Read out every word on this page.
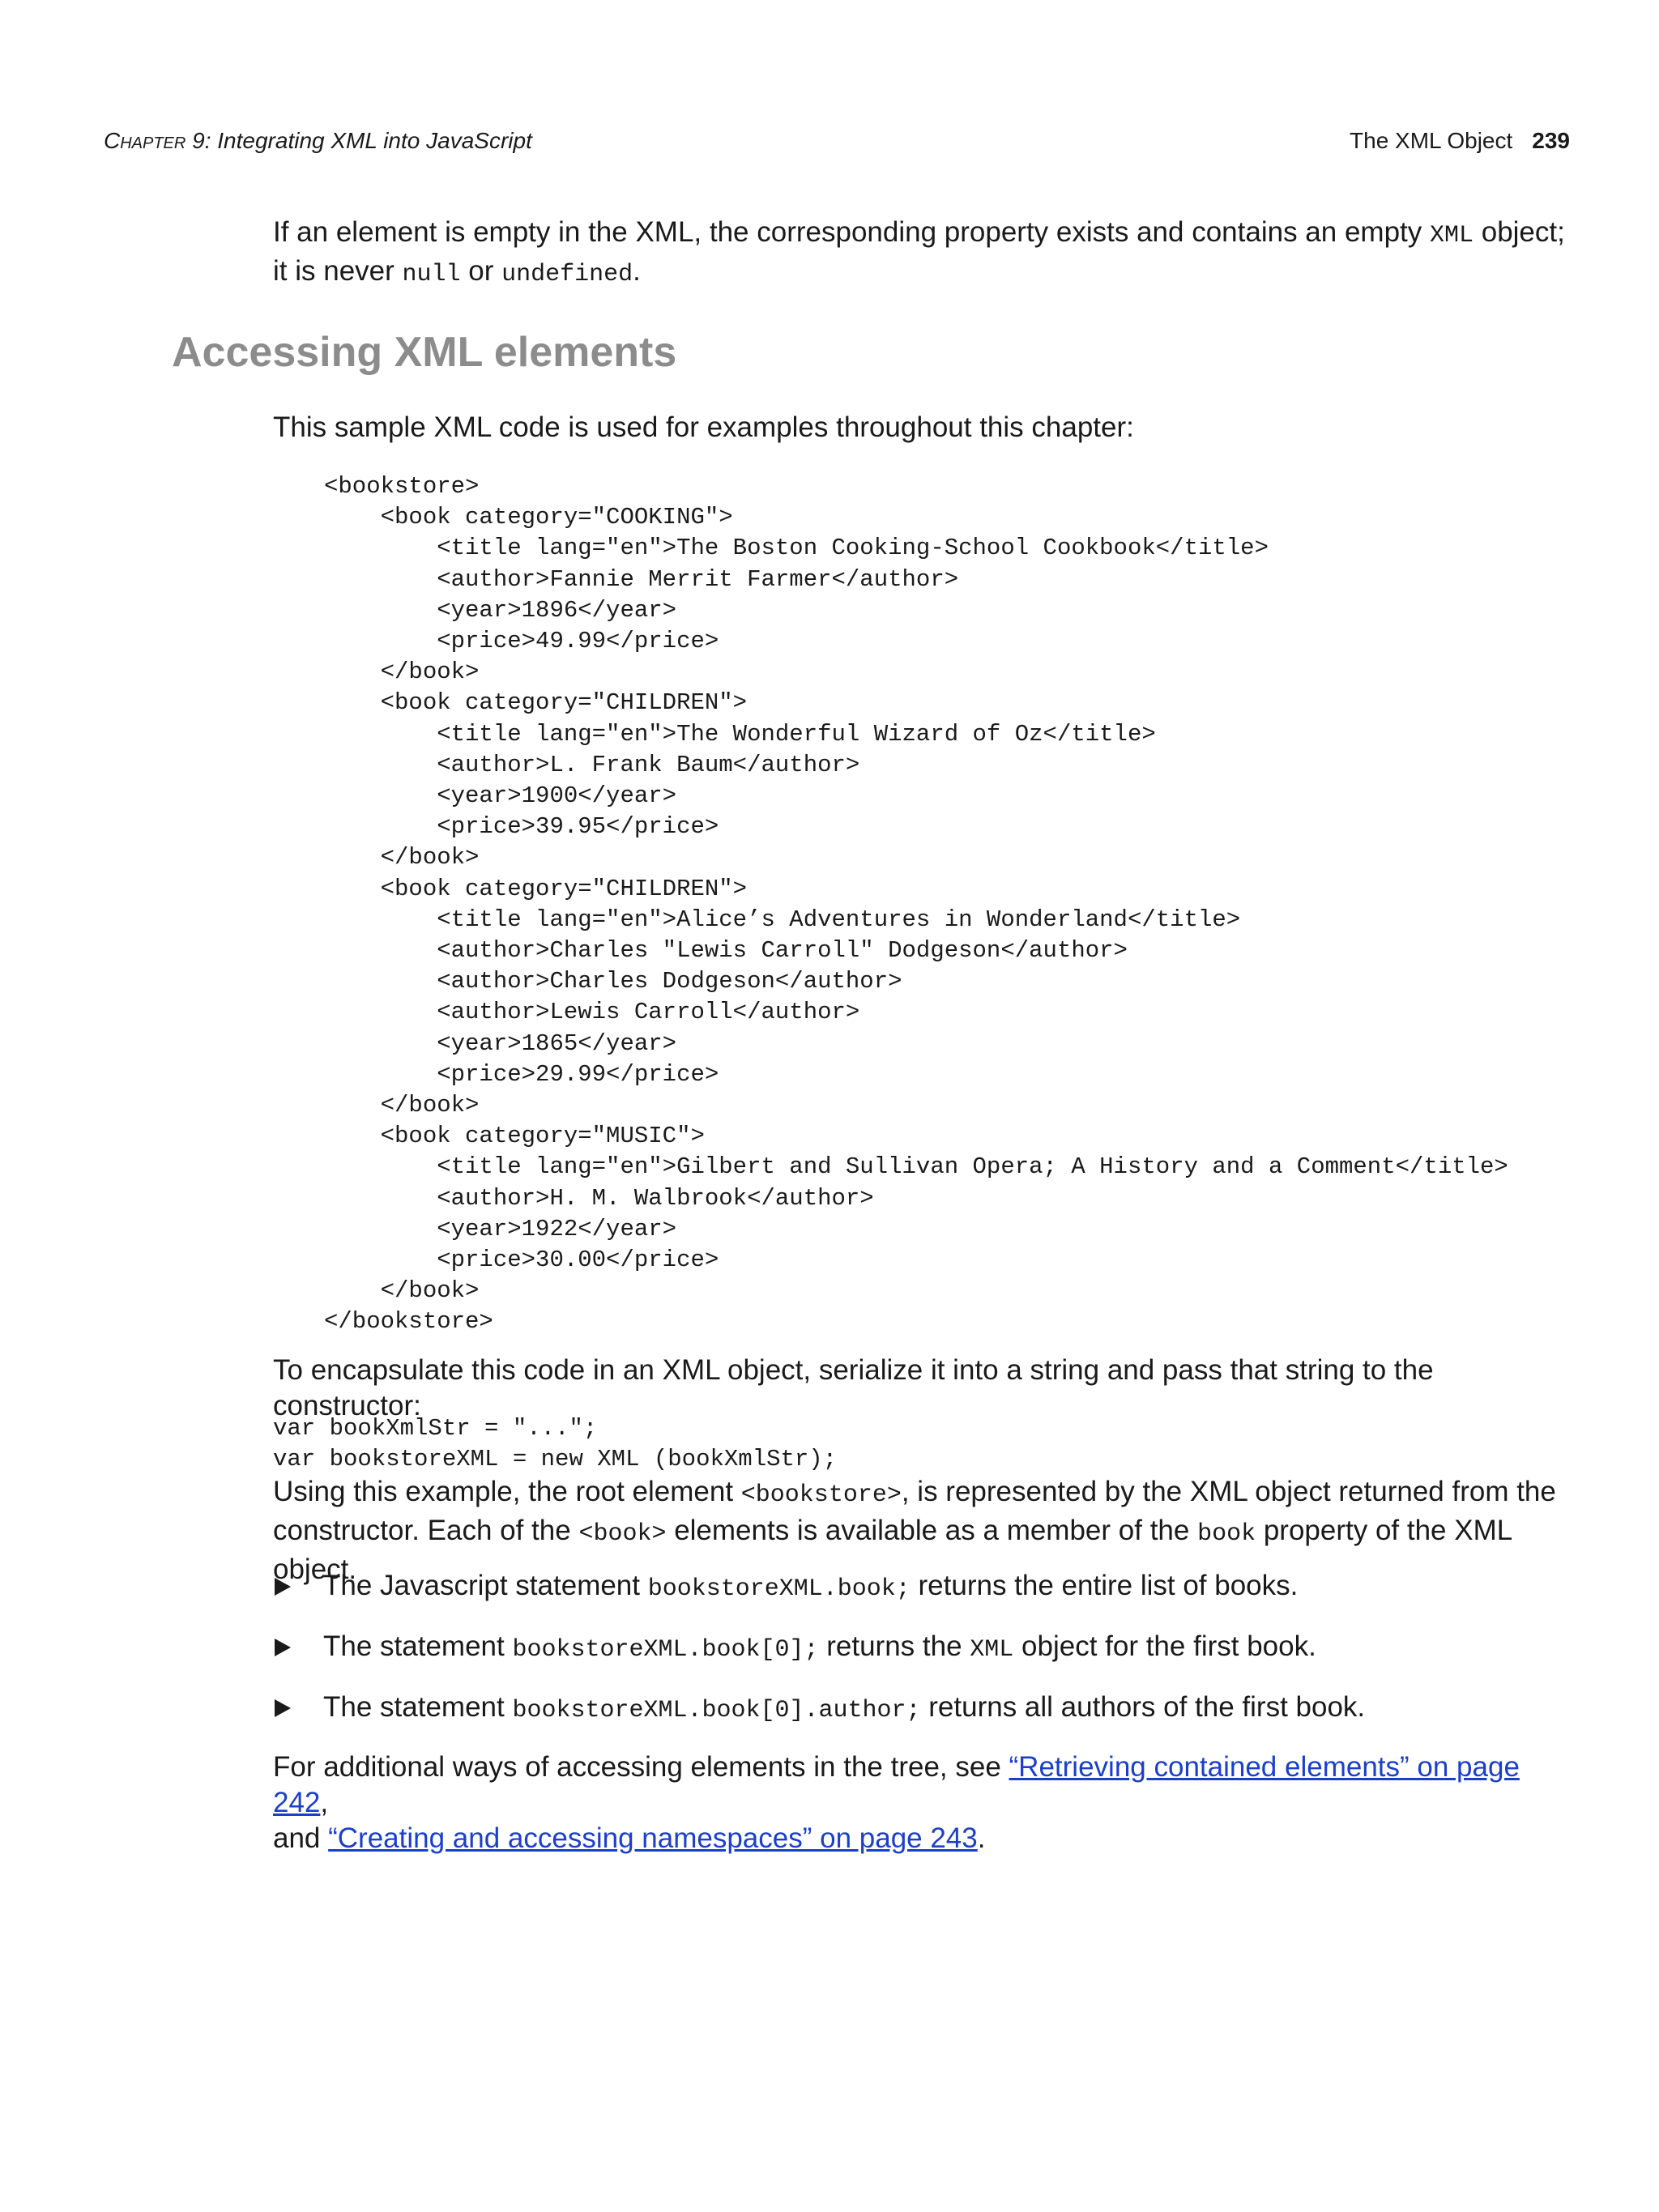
Chapter 9: Integrating XML into JavaScript	The XML Object 239
If an element is empty in the XML, the corresponding property exists and contains an empty XML object; it is never null or undefined.
Accessing XML elements
This sample XML code is used for examples throughout this chapter:
<bookstore>
<book category="COOKING">
<title lang="en">The Boston Cooking-School Cookbook</title>
<author>Fannie Merrit Farmer</author>
<year>1896</year>
<price>49.99</price>
</book>
<book category="CHILDREN">
<title lang="en">The Wonderful Wizard of Oz</title>
<author>L. Frank Baum</author>
<year>1900</year>
<price>39.95</price>
</book>
<book category="CHILDREN">
<title lang="en">Alice’s Adventures in Wonderland</title>
<author>Charles "Lewis Carroll" Dodgeson</author>
<author>Charles Dodgeson</author>
<author>Lewis Carroll</author>
<year>1865</year>
<price>29.99</price>
</book>
<book category="MUSIC">
<title lang="en">Gilbert and Sullivan Opera; A History and a Comment</title>
<author>H. M. Walbrook</author>
<year>1922</year>
<price>30.00</price>
</book>
</bookstore>
To encapsulate this code in an XML object, serialize it into a string and pass that string to the constructor:
var bookXmlStr = "...";
var bookstoreXML = new XML (bookXmlStr);
Using this example, the root element <bookstore>, is represented by the XML object returned from the constructor. Each of the <book> elements is available as a member of the book property of the XML object.
The Javascript statement bookstoreXML.book; returns the entire list of books.
The statement bookstoreXML.book[0]; returns the XML object for the first book.
The statement bookstoreXML.book[0].author; returns all authors of the first book.
For additional ways of accessing elements in the tree, see “Retrieving contained elements” on page 242,
and “Creating and accessing namespaces” on page 243.
